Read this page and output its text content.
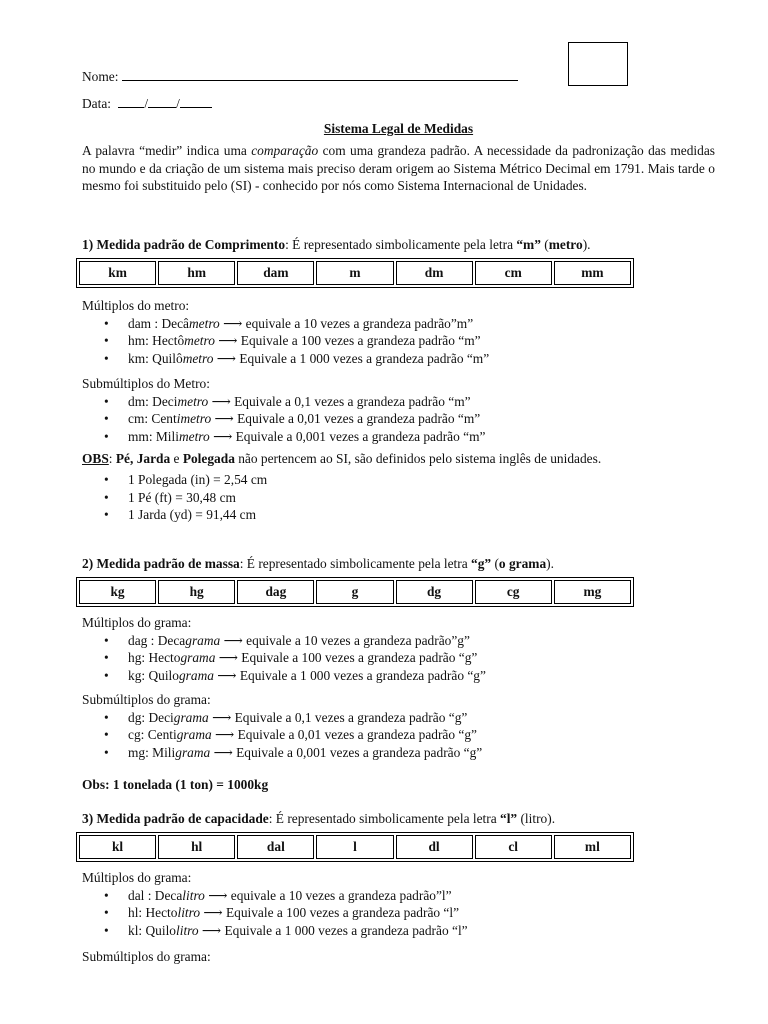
Nome:
Data: / /
Sistema Legal de Medidas
A palavra “medir” indica uma comparação com uma grandeza padrão. A necessidade da padronização das medidas no mundo e da criação de um sistema mais preciso deram origem ao Sistema Métrico Decimal em 1791. Mais tarde o mesmo foi substituido pelo (SI) - conhecido por nós como Sistema Internacional de Unidades.
1) Medida padrão de Comprimento: É representado simbolicamente pela letra “m” (metro).
km	hm	dam	m	dm	cm	mm
Múltiplos do metro:
• dam : Decâmetro ⟶ equivale a 10 vezes a grandeza padrão”m”
• hm: Hectômetro ⟶ Equivale a 100 vezes a grandeza padrão “m”
• km: Quilômetro ⟶ Equivale a 1 000 vezes a grandeza padrão “m”
Submúltiplos do Metro:
• dm: Decimetro ⟶ Equivale a 0,1 vezes a grandeza padrão “m”
• cm: Centimetro ⟶ Equivale a 0,01 vezes a grandeza padrão “m”
• mm: Milimetro ⟶ Equivale a 0,001 vezes a grandeza padrão “m”
OBS: Pé, Jarda e Polegada não pertencem ao SI, são definidos pelo sistema inglês de unidades.
• 1 Polegada (in) = 2,54 cm
• 1 Pé (ft) = 30,48 cm
• 1 Jarda (yd) = 91,44 cm
2) Medida padrão de massa: É representado simbolicamente pela letra “g” (o grama).
kg	hg	dag	g	dg	cg	mg
Múltiplos do grama:
• dag : Decagrama ⟶ equivale a 10 vezes a grandeza padrão”g”
• hg: Hectograma ⟶ Equivale a 100 vezes a grandeza padrão “g”
• kg: Quilograma ⟶ Equivale a 1 000 vezes a grandeza padrão “g”
Submúltiplos do grama:
• dg: Decigrama ⟶ Equivale a 0,1 vezes a grandeza padrão “g”
• cg: Centigrama ⟶ Equivale a 0,01 vezes a grandeza padrão “g”
• mg: Miligrama ⟶ Equivale a 0,001 vezes a grandeza padrão “g”
Obs: 1 tonelada (1 ton) = 1000kg
3) Medida padrão de capacidade: É representado simbolicamente pela letra “l” (litro).
kl	hl	dal	l	dl	cl	ml
Múltiplos do grama:
• dal : Decalitro ⟶ equivale a 10 vezes a grandeza padrão”l”
• hl: Hectolitro ⟶ Equivale a 100 vezes a grandeza padrão “l”
• kl: Quilolitro ⟶ Equivale a 1 000 vezes a grandeza padrão “l”
Submúltiplos do grama:
